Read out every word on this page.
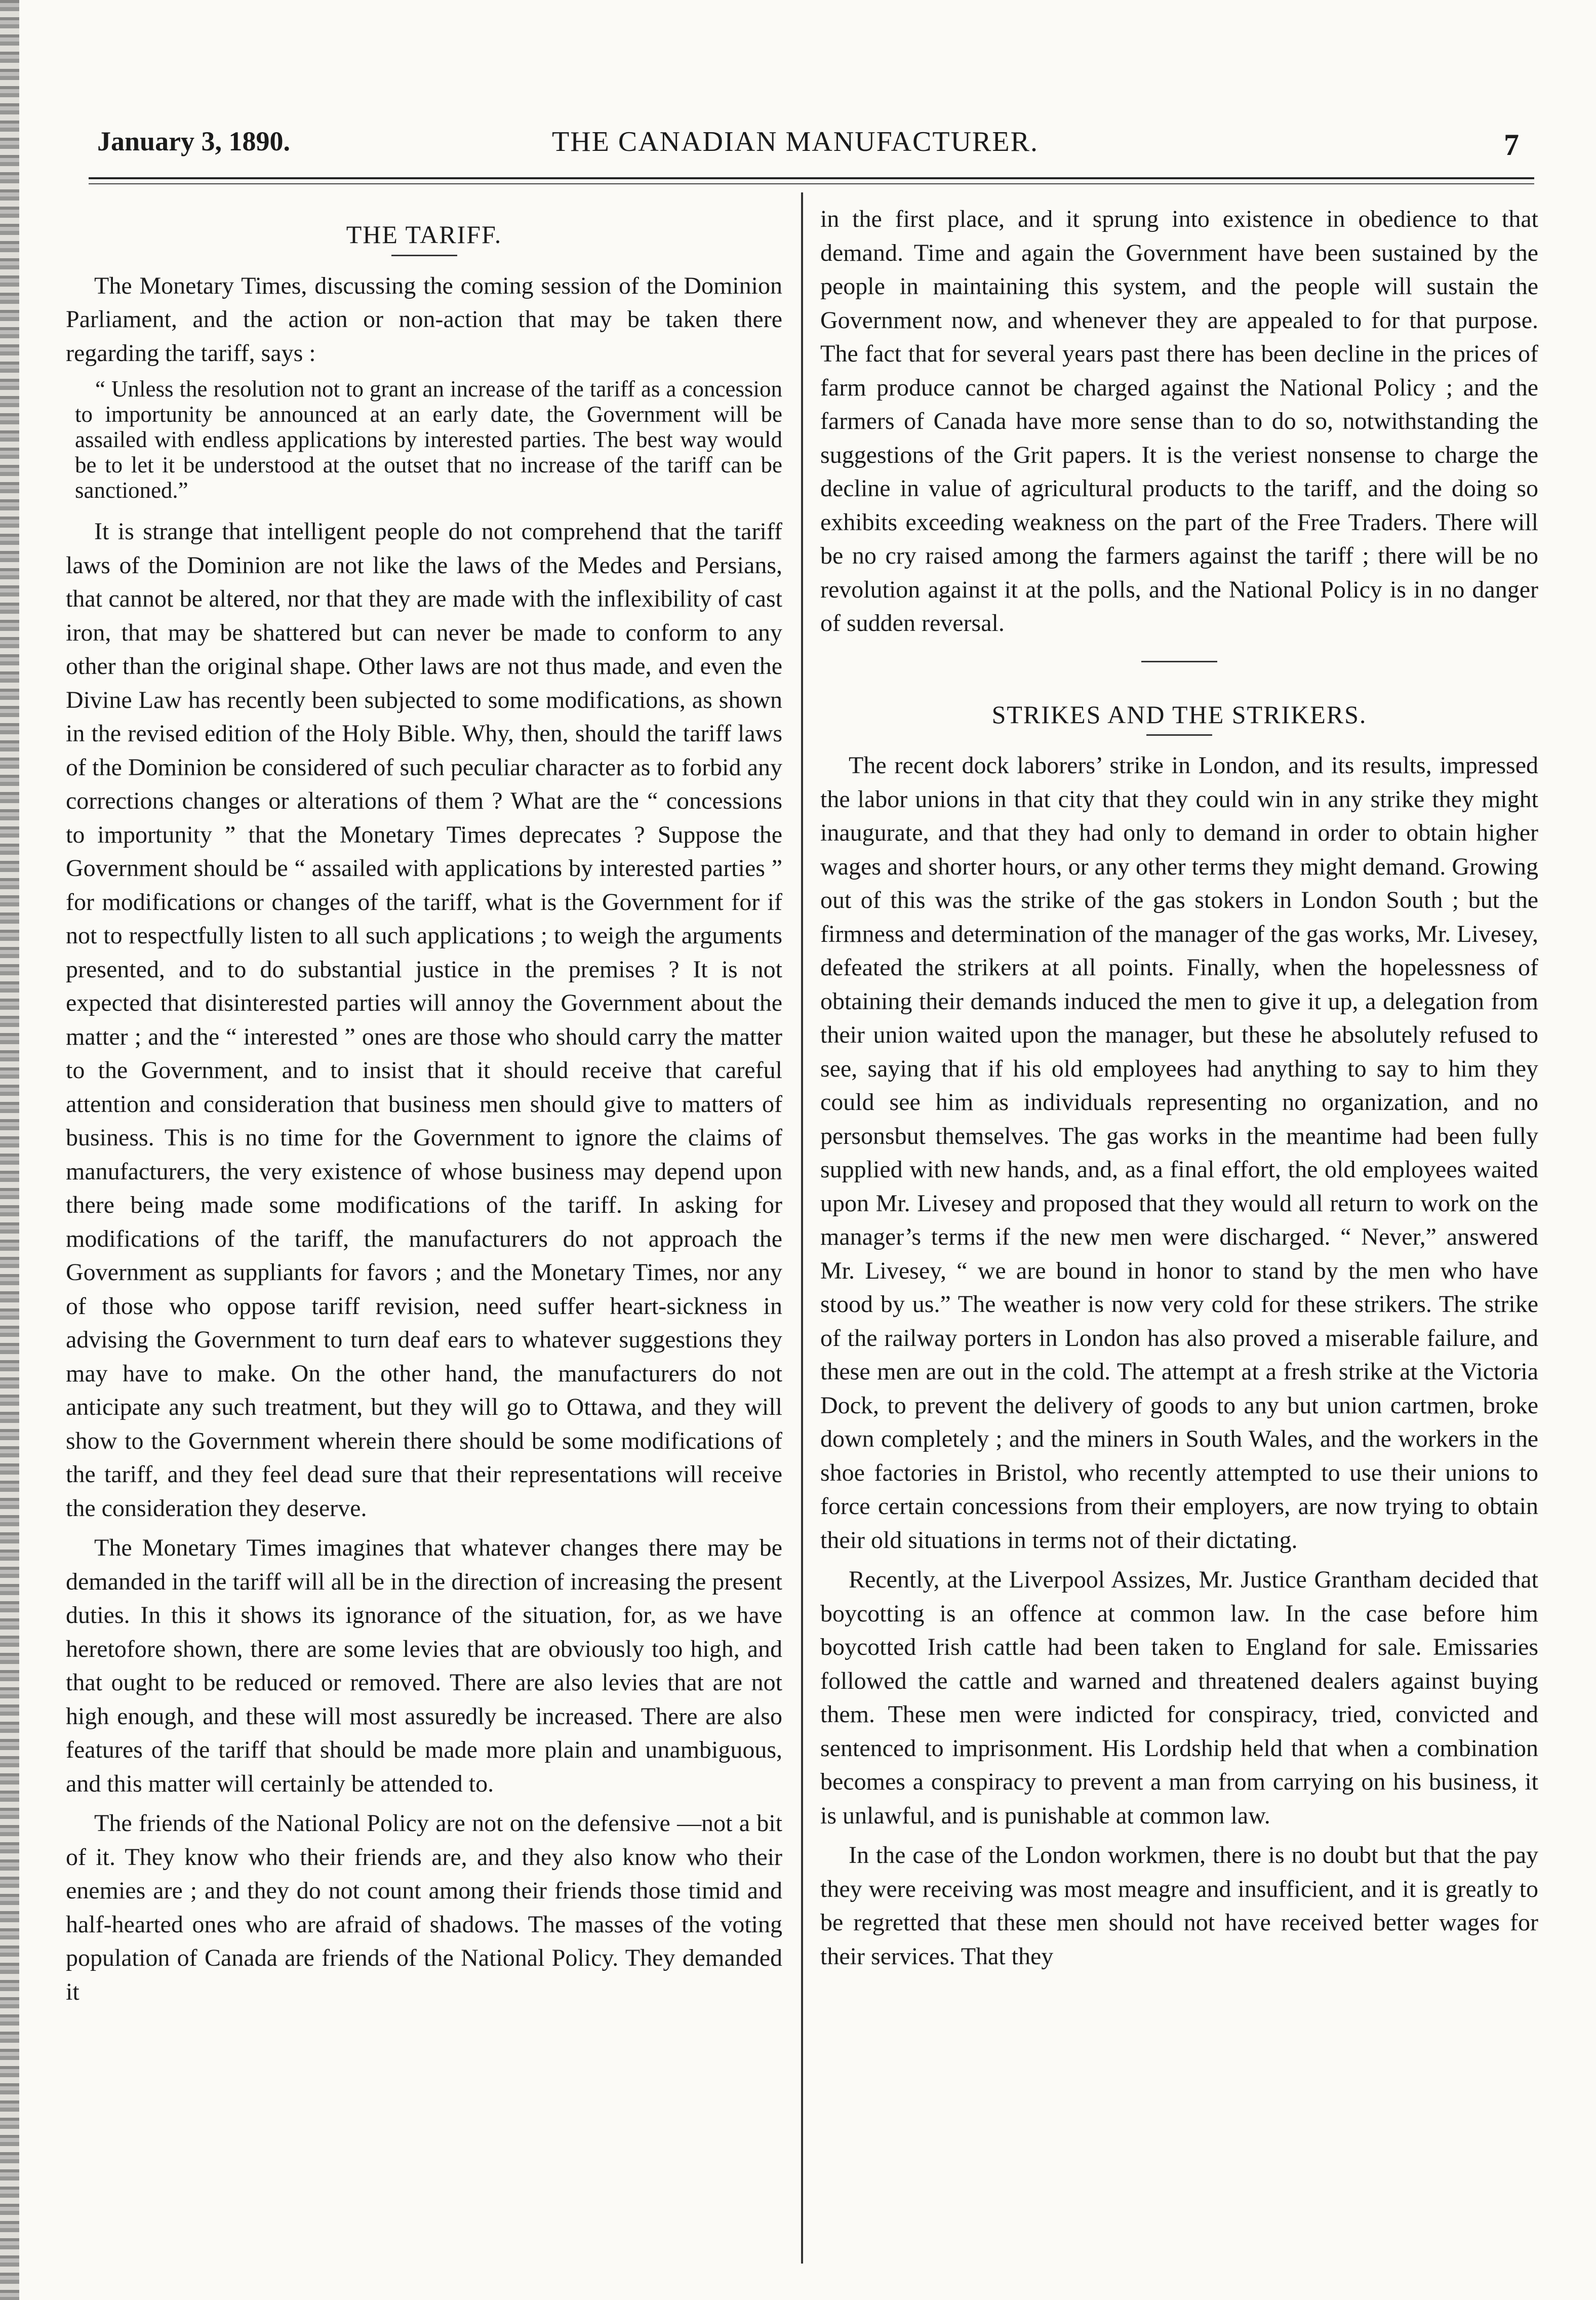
January 3, 1890.	THE CANADIAN MANUFACTURER.	7
THE TARIFF.

The Monetary Times, discussing the coming session of the Dominion Parliament, and the action or non-action that may be taken there regarding the tariff, says :

“ Unless the resolution not to grant an increase of the tariff as a concession to importunity be announced at an early date, the Government will be assailed with endless applications by interested parties. The best way would be to let it be understood at the outset that no increase of the tariff can be sanctioned.”

It is strange that intelligent people do not comprehend that the tariff laws of the Dominion are not like the laws of the Medes and Persians, that cannot be altered, nor that they are made with the inflexibility of cast iron, that may be shattered but can never be made to conform to any other than the original shape. Other laws are not thus made, and even the Divine Law has recently been subjected to some modifications, as shown in the revised edition of the Holy Bible. Why, then, should the tariff laws of the Dominion be considered of such peculiar character as to forbid any corrections changes or alterations of them ? What are the “ concessions to importunity ” that the Monetary Times deprecates ? Suppose the Government should be “ assailed with applications by interested parties ” for modifications or changes of the tariff, what is the Government for if not to respectfully listen to all such applications ; to weigh the arguments presented, and to do substantial justice in the premises ? It is not expected that disinterested parties will annoy the Government about the matter ; and the “ interested ” ones are those who should carry the matter to the Government, and to insist that it should receive that careful attention and consideration that business men should give to matters of business. This is no time for the Government to ignore the claims of manufacturers, the very existence of whose business may depend upon there being made some modifications of the tariff. In asking for modifications of the tariff, the manufacturers do not approach the Government as suppliants for favors ; and the Monetary Times, nor any of those who oppose tariff revision, need suffer heart-sickness in advising the Government to turn deaf ears to whatever suggestions they may have to make. On the other hand, the manufacturers do not anticipate any such treatment, but they will go to Ottawa, and they will show to the Government wherein there should be some modifications of the tariff, and they feel dead sure that their representations will receive the consideration they deserve.

The Monetary Times imagines that whatever changes there may be demanded in the tariff will all be in the direction of increasing the present duties. In this it shows its ignorance of the situation, for, as we have heretofore shown, there are some levies that are obviously too high, and that ought to be reduced or removed. There are also levies that are not high enough, and these will most assuredly be increased. There are also features of the tariff that should be made more plain and unambiguous, and this matter will certainly be attended to.

The friends of the National Policy are not on the defensive —not a bit of it. They know who their friends are, and they also know who their enemies are ; and they do not count among their friends those timid and half-hearted ones who are afraid of shadows. The masses of the voting population of Canada are friends of the National Policy. They demanded it

in the first place, and it sprung into existence in obedience to that demand. Time and again the Government have been sustained by the people in maintaining this system, and the people will sustain the Government now, and whenever they are appealed to for that purpose. The fact that for several years past there has been decline in the prices of farm produce cannot be charged against the National Policy ; and the farmers of Canada have more sense than to do so, notwithstanding the suggestions of the Grit papers. It is the veriest nonsense to charge the decline in value of agricultural products to the tariff, and the doing so exhibits exceeding weakness on the part of the Free Traders. There will be no cry raised among the farmers against the tariff ; there will be no revolution against it at the polls, and the National Policy is in no danger of sudden reversal.

STRIKES AND THE STRIKERS.

The recent dock laborers’ strike in London, and its results, impressed the labor unions in that city that they could win in any strike they might inaugurate, and that they had only to demand in order to obtain higher wages and shorter hours, or any other terms they might demand. Growing out of this was the strike of the gas stokers in London South ; but the firmness and determination of the manager of the gas works, Mr. Livesey, defeated the strikers at all points. Finally, when the hopelessness of obtaining their demands induced the men to give it up, a delegation from their union waited upon the manager, but these he absolutely refused to see, saying that if his old employees had anything to say to him they could see him as individuals representing no organization, and no personsbut themselves. The gas works in the meantime had been fully supplied with new hands, and, as a final effort, the old employees waited upon Mr. Livesey and proposed that they would all return to work on the manager’s terms if the new men were discharged. “ Never,” answered Mr. Livesey, “ we are bound in honor to stand by the men who have stood by us.” The weather is now very cold for these strikers. The strike of the railway porters in London has also proved a miserable failure, and these men are out in the cold. The attempt at a fresh strike at the Victoria Dock, to prevent the delivery of goods to any but union cartmen, broke down completely ; and the miners in South Wales, and the workers in the shoe factories in Bristol, who recently attempted to use their unions to force certain concessions from their employers, are now trying to obtain their old situations in terms not of their dictating.

Recently, at the Liverpool Assizes, Mr. Justice Grantham decided that boycotting is an offence at common law. In the case before him boycotted Irish cattle had been taken to England for sale. Emissaries followed the cattle and warned and threatened dealers against buying them. These men were indicted for conspiracy, tried, convicted and sentenced to imprisonment. His Lordship held that when a combination becomes a conspiracy to prevent a man from carrying on his business, it is unlawful, and is punishable at common law.

In the case of the London workmen, there is no doubt but that the pay they were receiving was most meagre and insufficient, and it is greatly to be regretted that these men should not have received better wages for their services. That they
